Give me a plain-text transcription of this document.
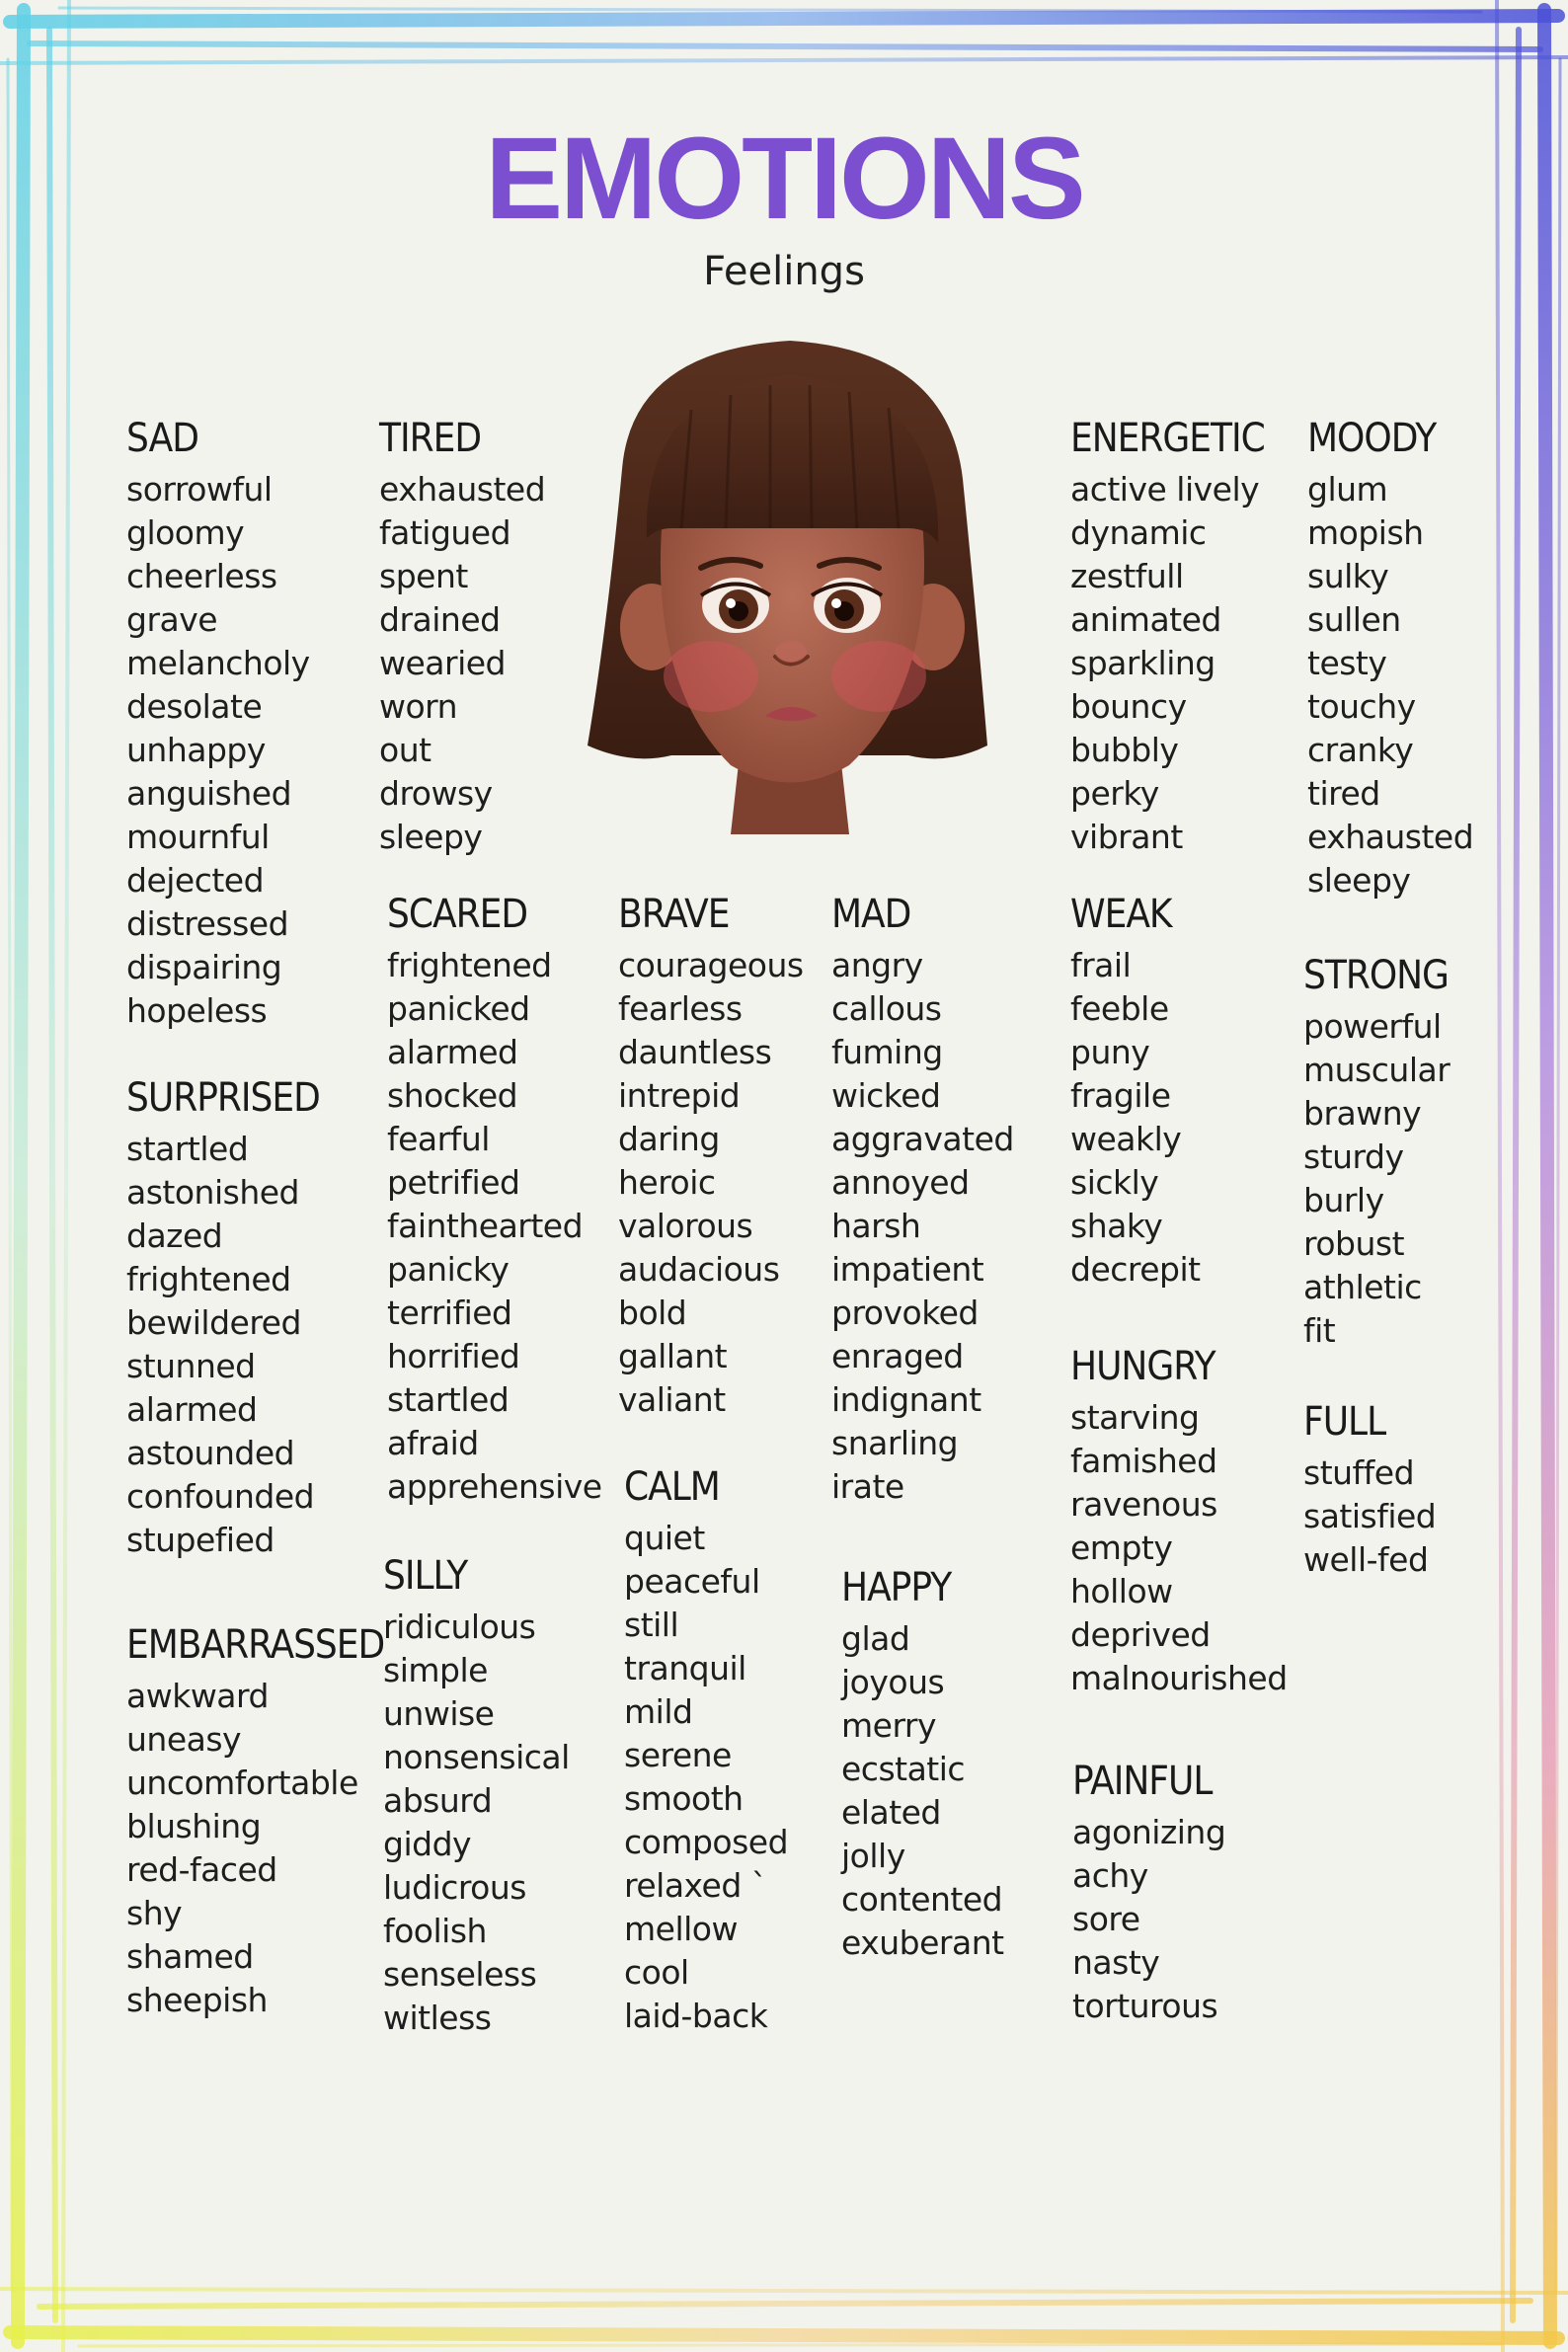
EMOTIONS
Feelings
SAD
sorrowful
gloomy
cheerless
grave
melancholy
desolate
unhappy
anguished
mournful
dejected
distressed
dispairing
hopeless
SURPRISED
startled
astonished
dazed
frightened
bewildered
stunned
alarmed
astounded
confounded
stupefied
EMBARRASSED
awkward
uneasy
uncomfortable
blushing
red-faced
shy
shamed
sheepish
TIRED
exhausted
fatigued
spent
drained
wearied
worn
out
drowsy
sleepy
SCARED
frightened
panicked
alarmed
shocked
fearful
petrified
fainthearted
panicky
terrified
horrified
startled
afraid
apprehensive
SILLY
ridiculous
simple
unwise
nonsensical
absurd
giddy
ludicrous
foolish
senseless
witless
BRAVE
courageous
fearless
dauntless
intrepid
daring
heroic
valorous
audacious
bold
gallant
valiant
CALM
quiet
peaceful
still
tranquil
mild
serene
smooth
composed
relaxed `
mellow
cool
laid-back
MAD
angry
callous
fuming
wicked
aggravated
annoyed
harsh
impatient
provoked
enraged
indignant
snarling
irate
HAPPY
glad
joyous
merry
ecstatic
elated
jolly
contented
exuberant
ENERGETIC
active lively
dynamic
zestfull
animated
sparkling
bouncy
bubbly
perky
vibrant
WEAK
frail
feeble
puny
fragile
weakly
sickly
shaky
decrepit
HUNGRY
starving
famished
ravenous
empty
hollow
deprived
malnourished
PAINFUL
agonizing
achy
sore
nasty
torturous
MOODY
glum
mopish
sulky
sullen
testy
touchy
cranky
tired
exhausted
sleepy
STRONG
powerful
muscular
brawny
sturdy
burly
robust
athletic
fit
FULL
stuffed
satisfied
well-fed
